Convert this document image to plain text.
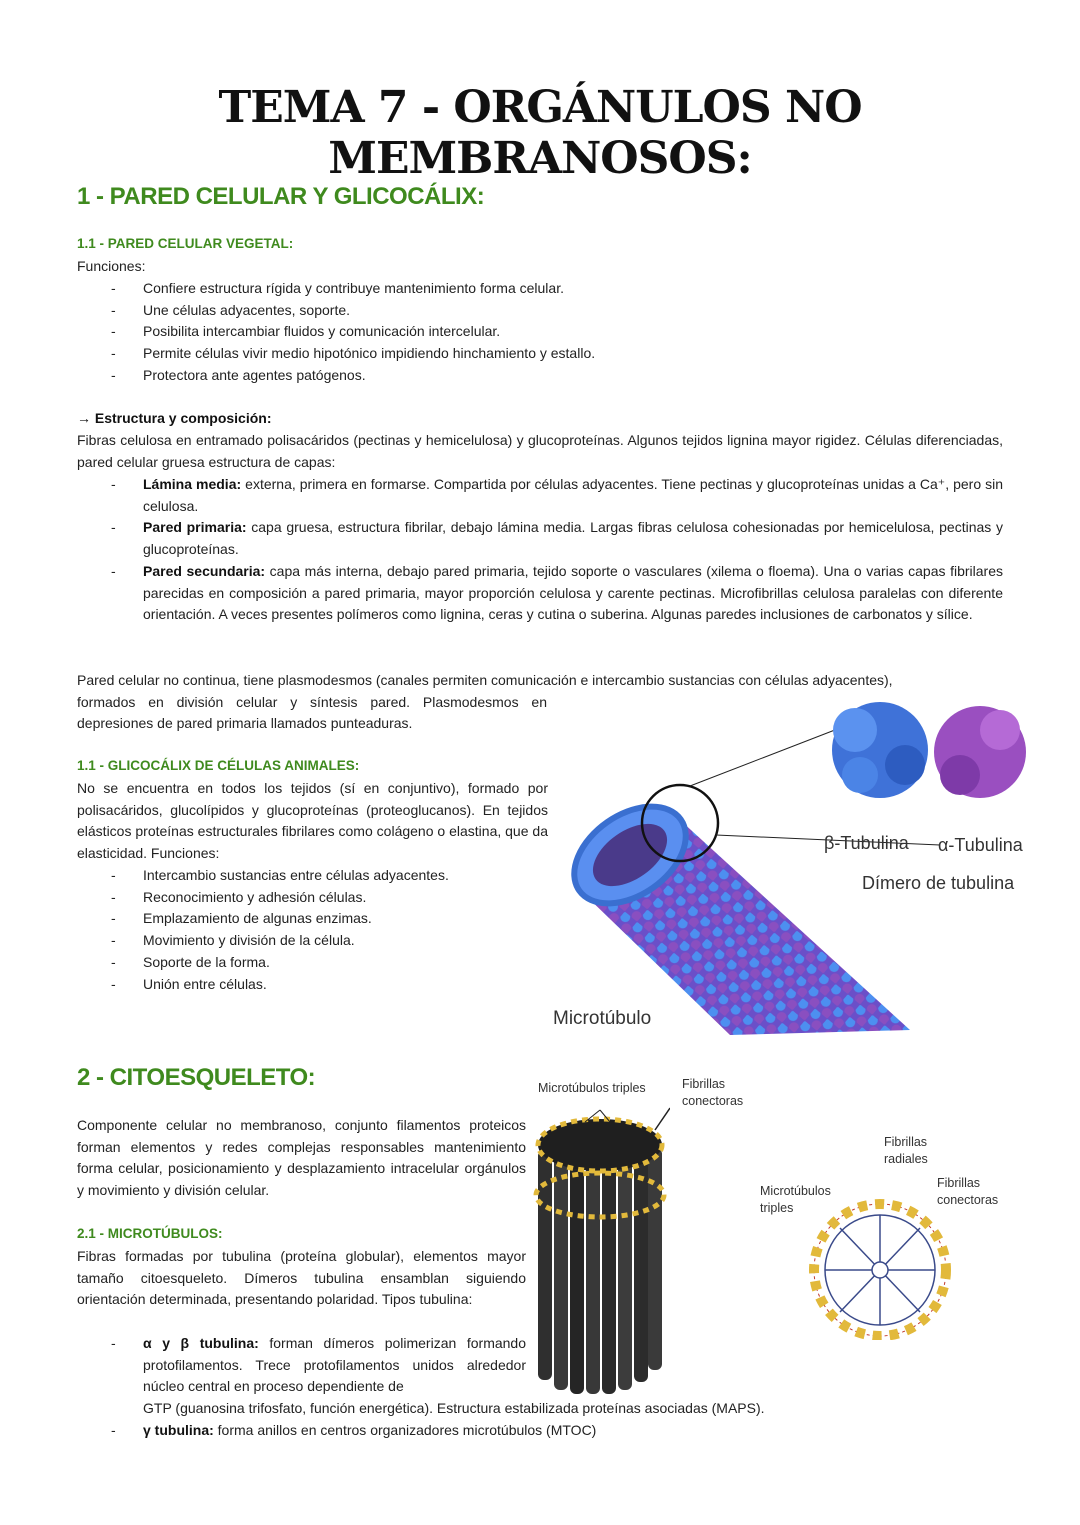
TEMA 7 - ORGÁNULOS NO MEMBRANOSOS:
1 - PARED CELULAR Y GLICOCÁLIX:
1.1 - PARED CELULAR VEGETAL:
Funciones:
- Confiere estructura rígida y contribuye mantenimiento forma celular.
- Une células adyacentes, soporte.
- Posibilita intercambiar fluidos y comunicación intercelular.
- Permite células vivir medio hipotónico impidiendo hinchamiento y estallo.
- Protectora ante agentes patógenos.
→ Estructura y composición:
Fibras celulosa en entramado polisacáridos (pectinas y hemicelulosa) y glucoproteínas. Algunos tejidos lignina mayor rigidez. Células diferenciadas, pared celular gruesa estructura de capas:
- Lámina media: externa, primera en formarse. Compartida por células adyacentes. Tiene pectinas y glucoproteínas unidas a Ca⁺, pero sin celulosa.
- Pared primaria: capa gruesa, estructura fibrilar, debajo lámina media. Largas fibras celulosa cohesionadas por hemicelulosa, pectinas y glucoproteínas.
- Pared secundaria: capa más interna, debajo pared primaria, tejido soporte o vasculares (xilema o floema). Una o varias capas fibrilares parecidas en composición a pared primaria, mayor proporción celulosa y carente pectinas. Microfibrillas celulosa paralelas con diferente orientación. A veces presentes polímeros como lignina, ceras y cutina o suberina. Algunas paredes inclusiones de carbonatos y sílice.
Pared celular no continua, tiene plasmodesmos (canales permiten comunicación e intercambio sustancias con células adyacentes),
formados en división celular y síntesis pared. Plasmodesmos en
depresiones de pared primaria llamados punteaduras.
1.1 - GLICOCÁLIX DE CÉLULAS ANIMALES:
No se encuentra en todos los tejidos (sí en conjuntivo), formado por polisacáridos, glucolípidos y glucoproteínas (proteoglucanos). En tejidos elásticos proteínas estructurales fibrilares como colágeno o elastina, que da elasticidad. Funciones:
- Intercambio sustancias entre células adyacentes.
- Reconocimiento y adhesión células.
- Emplazamiento de algunas enzimas.
- Movimiento y división de la célula.
- Soporte de la forma.
- Unión entre células.
β-Tubulina α-Tubulina
Dímero de tubulina
Microtúbulo
2 - CITOESQUELETO:
Componente celular no membranoso, conjunto filamentos proteicos forman elementos y redes complejas responsables mantenimiento forma celular, posicionamiento y desplazamiento intracelular orgánulos y movimiento y división celular.
2.1 - MICROTÚBULOS:
Fibras formadas por tubulina (proteína globular), elementos mayor tamaño citoesqueleto. Dímeros tubulina ensamblan siguiendo orientación determinada, presentando polaridad. Tipos tubulina:
- α y β tubulina: forman dímeros polimerizan formando protofilamentos. Trece protofilamentos unidos alrededor núcleo central en proceso dependiente de
GTP (guanosina trifosfato, función energética). Estructura estabilizada proteínas asociadas (MAPS).
- γ tubulina: forma anillos en centros organizadores microtúbulos (MTOC)
Microtúbulos triples	Fibrillas conectoras
Fibrillas radiales
Microtúbulos triples
Fibrillas conectoras
